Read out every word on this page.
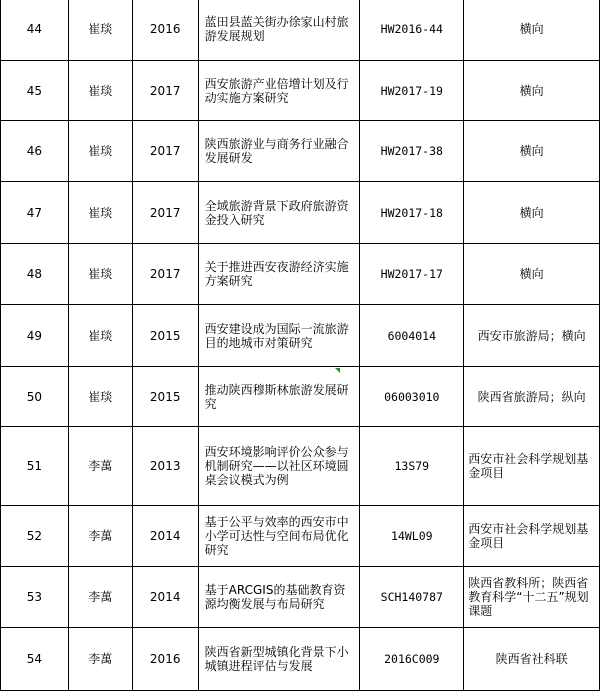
44	崔琰	2016	蓝田县蓝关街办徐家山村旅游发展规划	HW2016-44	横向
45	崔琰	2017	西安旅游产业倍增计划及行动实施方案研究	HW2017-19	横向
46	崔琰	2017	陕西旅游业与商务行业融合发展研发	HW2017-38	横向
47	崔琰	2017	全域旅游背景下政府旅游资金投入研究	HW2017-18	横向
48	崔琰	2017	关于推进西安夜游经济实施方案研究	HW2017-17	横向
49	崔琰	2015	西安建设成为国际一流旅游目的地城市对策研究	6004014	西安市旅游局；横向
50	崔琰	2015	推动陕西穆斯林旅游发展研究	06003010	陕西省旅游局；纵向
51	李萬	2013	西安环境影响评价公众参与机制研究——以社区环境圆桌会议模式为例	13S79	西安市社会科学规划基金项目
52	李萬	2014	基于公平与效率的西安市中小学可达性与空间布局优化研究	14WL09	西安市社会科学规划基金项目
53	李萬	2014	基于ARCGIS的基础教育资源均衡发展与布局研究	SCH140787	陕西省教科所；陕西省教育科学“十二五”规划课题
54	李萬	2016	陕西省新型城镇化背景下小城镇进程评估与发展	2016C009	陕西省社科联
